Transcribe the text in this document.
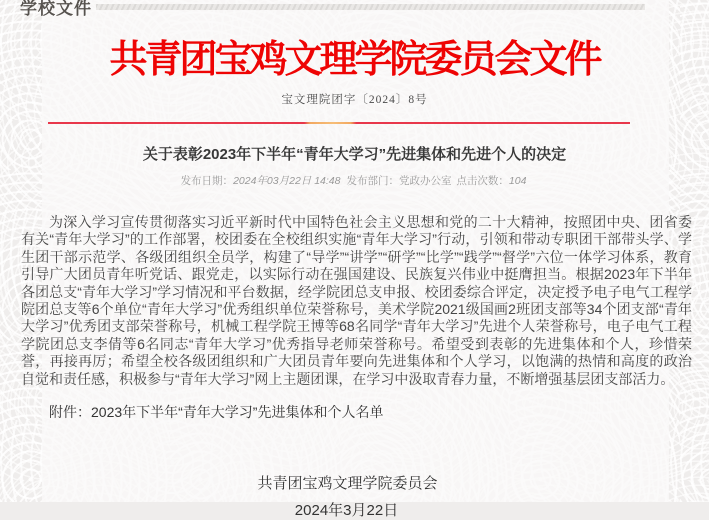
学校文件
共青团宝鸡文理学院委员会文件
宝文理院团字〔2024〕8号
关于表彰2023年下半年“青年大学习”先进集体和先进个人的决定
发布日期：2024年03月22日 14:48 发布部门：党政办公室 点击次数：104

为深入学习宣传贯彻落实习近平新时代中国特色社会主义思想和党的二十大精神，按照团中央、团省委有关“青年大学习”的工作部署，校团委在全校组织实施“青年大学习”行动，引领和带动专职团干部带头学、学生团干部示范学、各级团组织全员学，构建了“导学”“讲学”“研学”“比学”“践学”“督学”六位一体学习体系，教育引导广大团员青年听党话、跟党走，以实际行动在强国建设、民族复兴伟业中挺膺担当。根据2023年下半年各团总支“青年大学习”学习情况和平台数据，经学院团总支申报、校团委综合评定，决定授予电子电气工程学院团总支等6个单位“青年大学习”优秀组织单位荣誉称号，美术学院2021级国画2班团支部等34个团支部“青年大学习”优秀团支部荣誉称号，机械工程学院王博等68名同学“青年大学习”先进个人荣誉称号，电子电气工程学院团总支李倩等6名同志“青年大学习”优秀指导老师荣誉称号。希望受到表彰的先进集体和个人，珍惜荣誉，再接再厉；希望全校各级团组织和广大团员青年要向先进集体和个人学习，以饱满的热情和高度的政治自觉和责任感，积极参与“青年大学习”网上主题团课，在学习中汲取青春力量，不断增强基层团支部活力。

附件：2023年下半年“青年大学习”先进集体和个人名单
共青团宝鸡文理学院委员会
2024年3月22日
